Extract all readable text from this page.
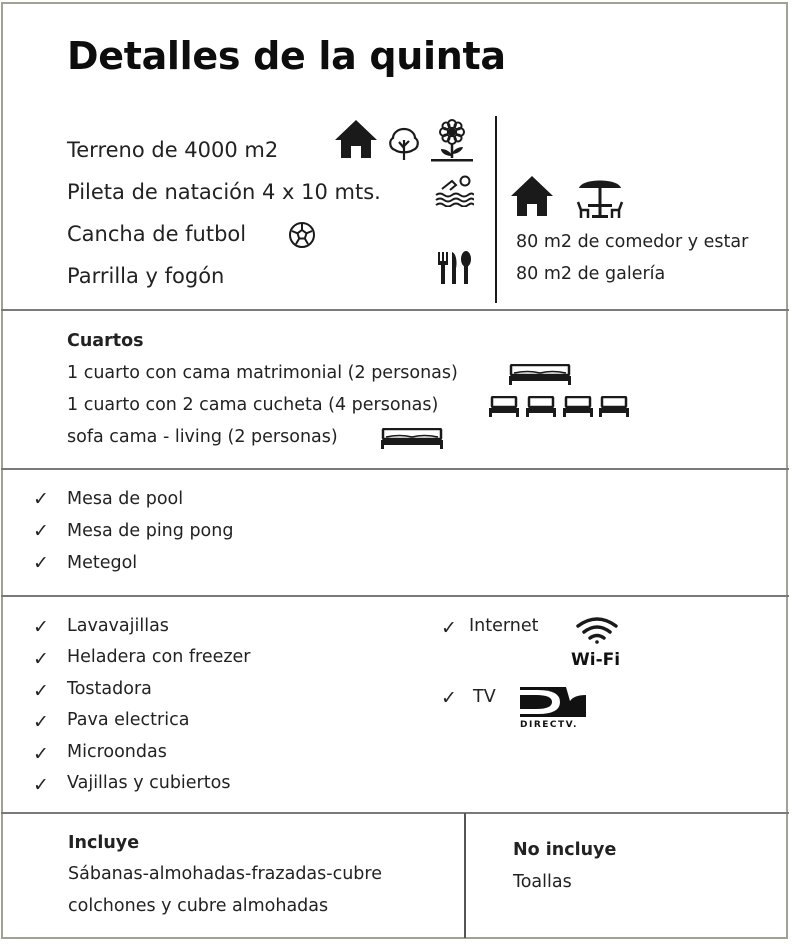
Detalles de la quinta
Terreno de 4000 m2
Pileta de natación 4 x 10 mts.
Cancha de futbol
Parrilla y fogón
80 m2 de comedor y estar
80 m2 de galería
Cuartos
1 cuarto con cama matrimonial (2 personas)
1 cuarto con 2 cama cucheta (4 personas)
sofa cama - living (2 personas)
✓ Mesa de pool
✓ Mesa de ping pong
✓ Metegol
✓ Lavavajillas
✓ Heladera con freezer
✓ Tostadora
✓ Pava electrica
✓ Microondas
✓ Vajillas y cubiertos
✓ Internet
Wi-Fi
✓ TV
DIRECTV.
Incluye
Sábanas-almohadas-frazadas-cubre
colchones y cubre almohadas
No incluye
Toallas
